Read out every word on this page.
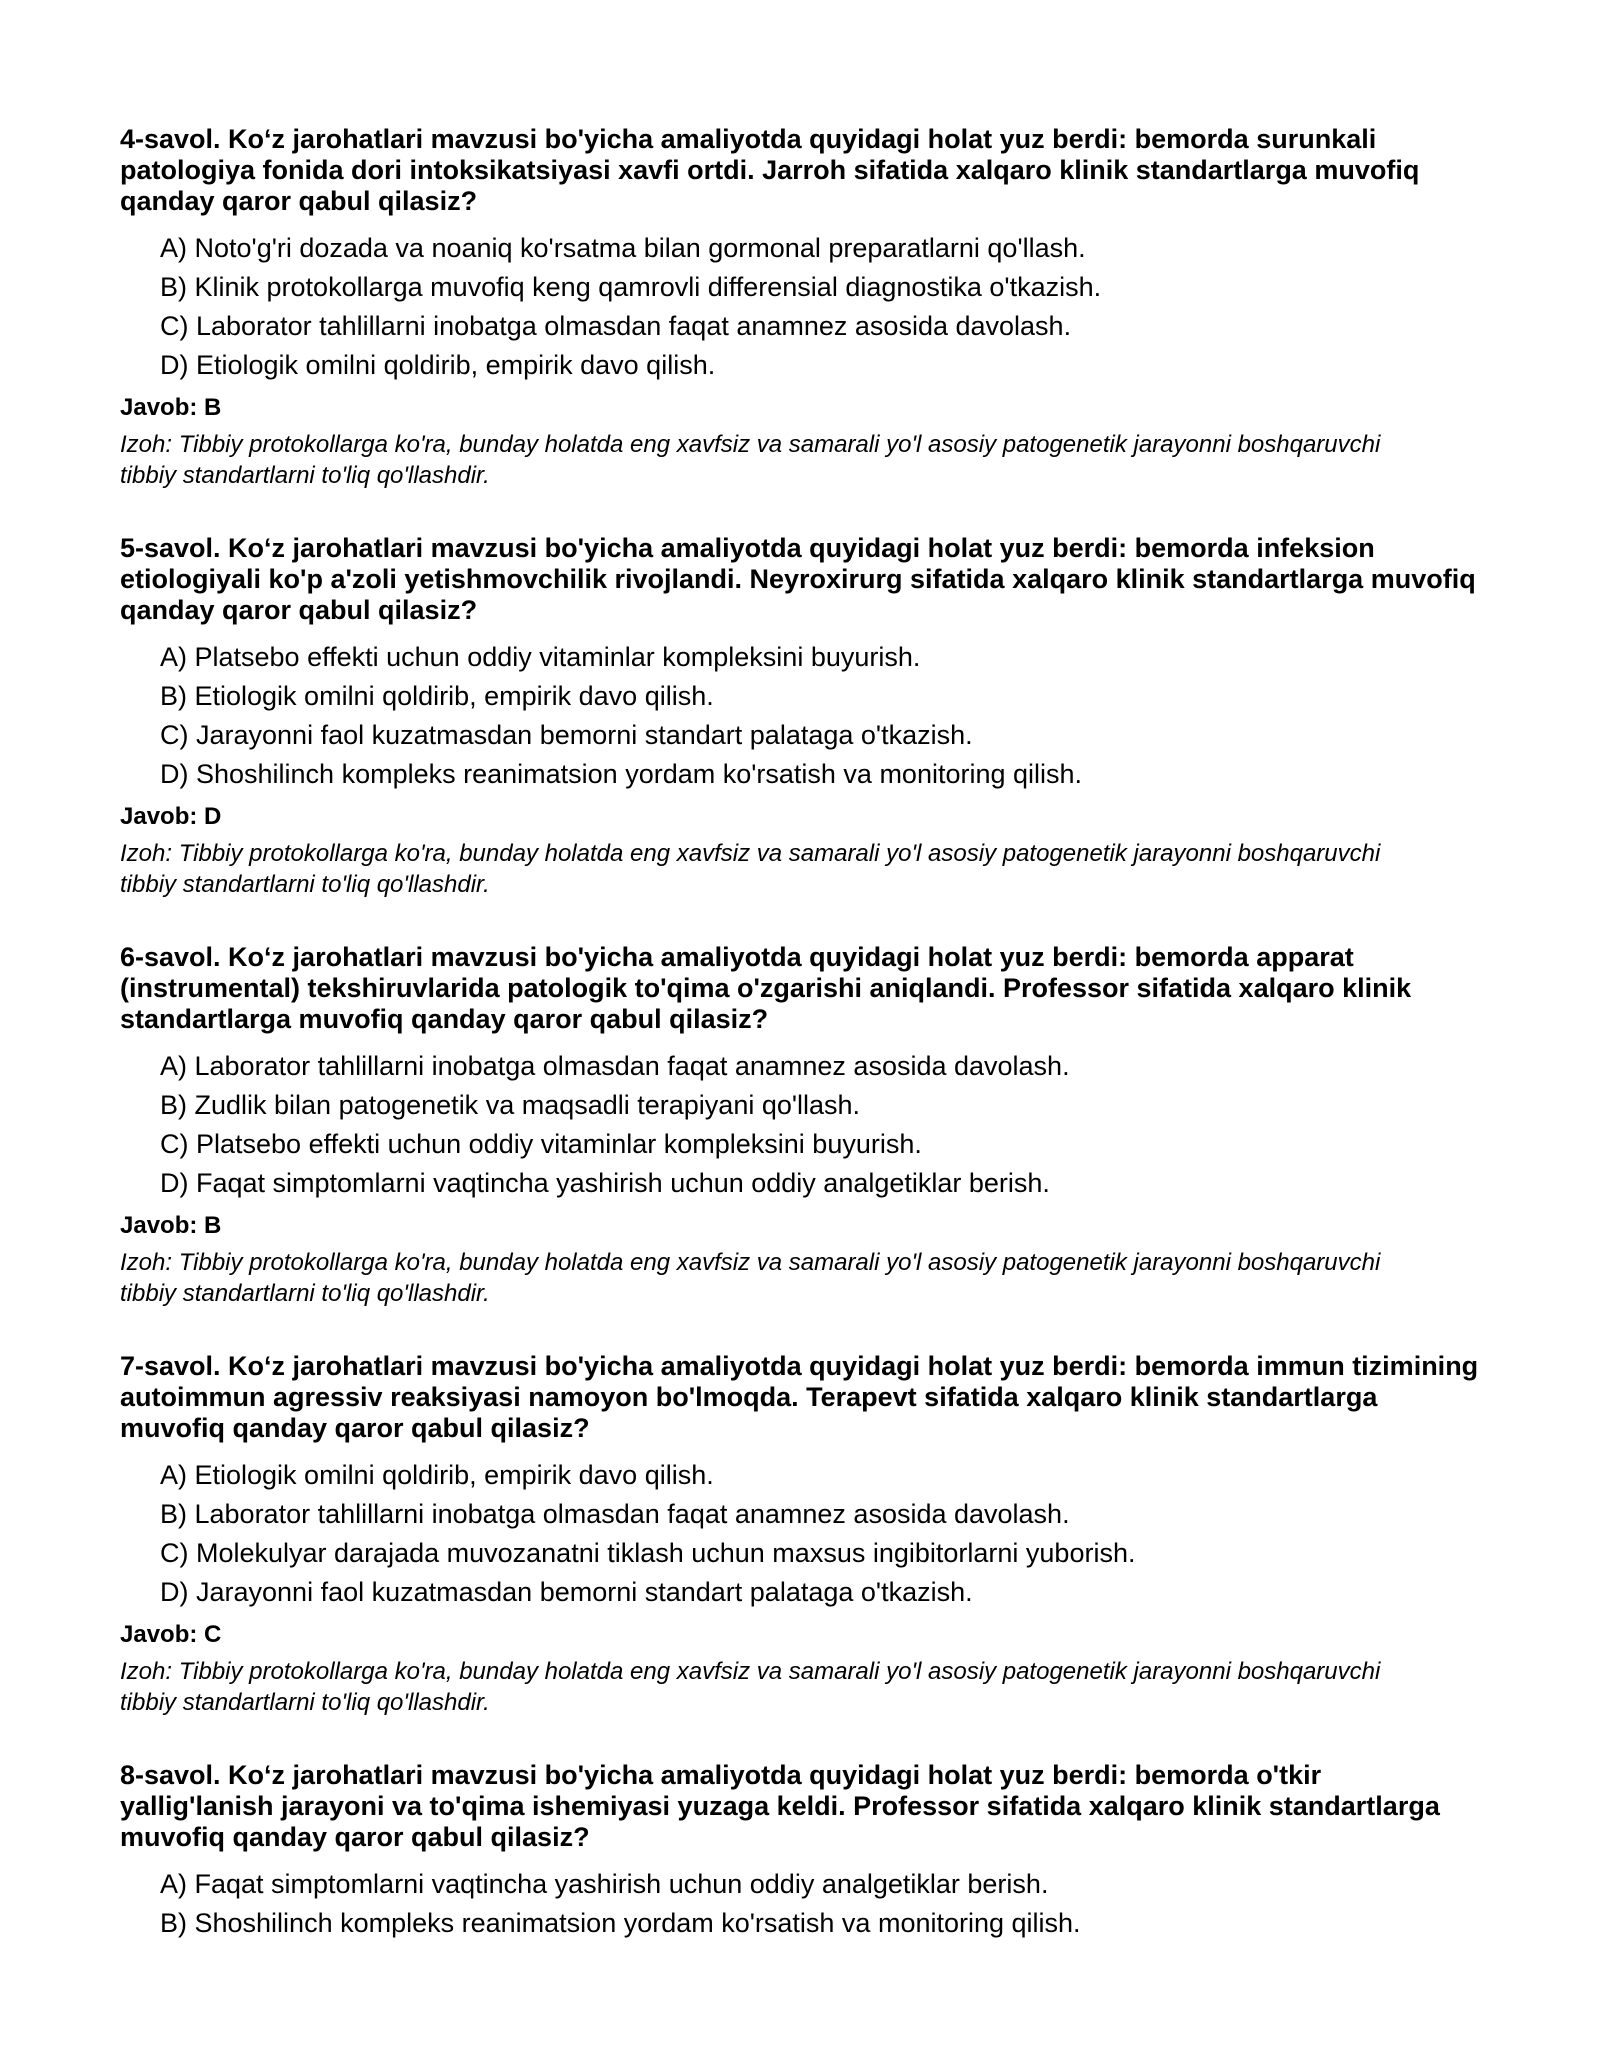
4-savol. Ko‘z jarohatlari mavzusi bo'yicha amaliyotda quyidagi holat yuz berdi: bemorda surunkali patologiya fonida dori intoksikatsiyasi xavfi ortdi. Jarroh sifatida xalqaro klinik standartlarga muvofiq qanday qaror qabul qilasiz?

A) Noto'g'ri dozada va noaniq ko'rsatma bilan gormonal preparatlarni qo'llash.
B) Klinik protokollarga muvofiq keng qamrovli differensial diagnostika o'tkazish.
C) Laborator tahlillarni inobatga olmasdan faqat anamnez asosida davolash.
D) Etiologik omilni qoldirib, empirik davo qilish.

Javob: B

Izoh: Tibbiy protokollarga ko'ra, bunday holatda eng xavfsiz va samarali yo'l asosiy patogenetik jarayonni boshqaruvchi tibbiy standartlarni to'liq qo'llashdir.

5-savol. Ko‘z jarohatlari mavzusi bo'yicha amaliyotda quyidagi holat yuz berdi: bemorda infeksion etiologiyali ko'p a'zoli yetishmovchilik rivojlandi. Neyroxirurg sifatida xalqaro klinik standartlarga muvofiq qanday qaror qabul qilasiz?

A) Platsebo effekti uchun oddiy vitaminlar kompleksini buyurish.
B) Etiologik omilni qoldirib, empirik davo qilish.
C) Jarayonni faol kuzatmasdan bemorni standart palataga o'tkazish.
D) Shoshilinch kompleks reanimatsion yordam ko'rsatish va monitoring qilish.

Javob: D

Izoh: Tibbiy protokollarga ko'ra, bunday holatda eng xavfsiz va samarali yo'l asosiy patogenetik jarayonni boshqaruvchi tibbiy standartlarni to'liq qo'llashdir.

6-savol. Ko‘z jarohatlari mavzusi bo'yicha amaliyotda quyidagi holat yuz berdi: bemorda apparat (instrumental) tekshiruvlarida patologik to'qima o'zgarishi aniqlandi. Professor sifatida xalqaro klinik standartlarga muvofiq qanday qaror qabul qilasiz?

A) Laborator tahlillarni inobatga olmasdan faqat anamnez asosida davolash.
B) Zudlik bilan patogenetik va maqsadli terapiyani qo'llash.
C) Platsebo effekti uchun oddiy vitaminlar kompleksini buyurish.
D) Faqat simptomlarni vaqtincha yashirish uchun oddiy analgetiklar berish.

Javob: B

Izoh: Tibbiy protokollarga ko'ra, bunday holatda eng xavfsiz va samarali yo'l asosiy patogenetik jarayonni boshqaruvchi tibbiy standartlarni to'liq qo'llashdir.

7-savol. Ko‘z jarohatlari mavzusi bo'yicha amaliyotda quyidagi holat yuz berdi: bemorda immun tizimining autoimmun agressiv reaksiyasi namoyon bo'lmoqda. Terapevt sifatida xalqaro klinik standartlarga muvofiq qanday qaror qabul qilasiz?

A) Etiologik omilni qoldirib, empirik davo qilish.
B) Laborator tahlillarni inobatga olmasdan faqat anamnez asosida davolash.
C) Molekulyar darajada muvozanatni tiklash uchun maxsus ingibitorlarni yuborish.
D) Jarayonni faol kuzatmasdan bemorni standart palataga o'tkazish.

Javob: C

Izoh: Tibbiy protokollarga ko'ra, bunday holatda eng xavfsiz va samarali yo'l asosiy patogenetik jarayonni boshqaruvchi tibbiy standartlarni to'liq qo'llashdir.

8-savol. Ko‘z jarohatlari mavzusi bo'yicha amaliyotda quyidagi holat yuz berdi: bemorda o'tkir yallig'lanish jarayoni va to'qima ishemiyasi yuzaga keldi. Professor sifatida xalqaro klinik standartlarga muvofiq qanday qaror qabul qilasiz?

A) Faqat simptomlarni vaqtincha yashirish uchun oddiy analgetiklar berish.
B) Shoshilinch kompleks reanimatsion yordam ko'rsatish va monitoring qilish.
